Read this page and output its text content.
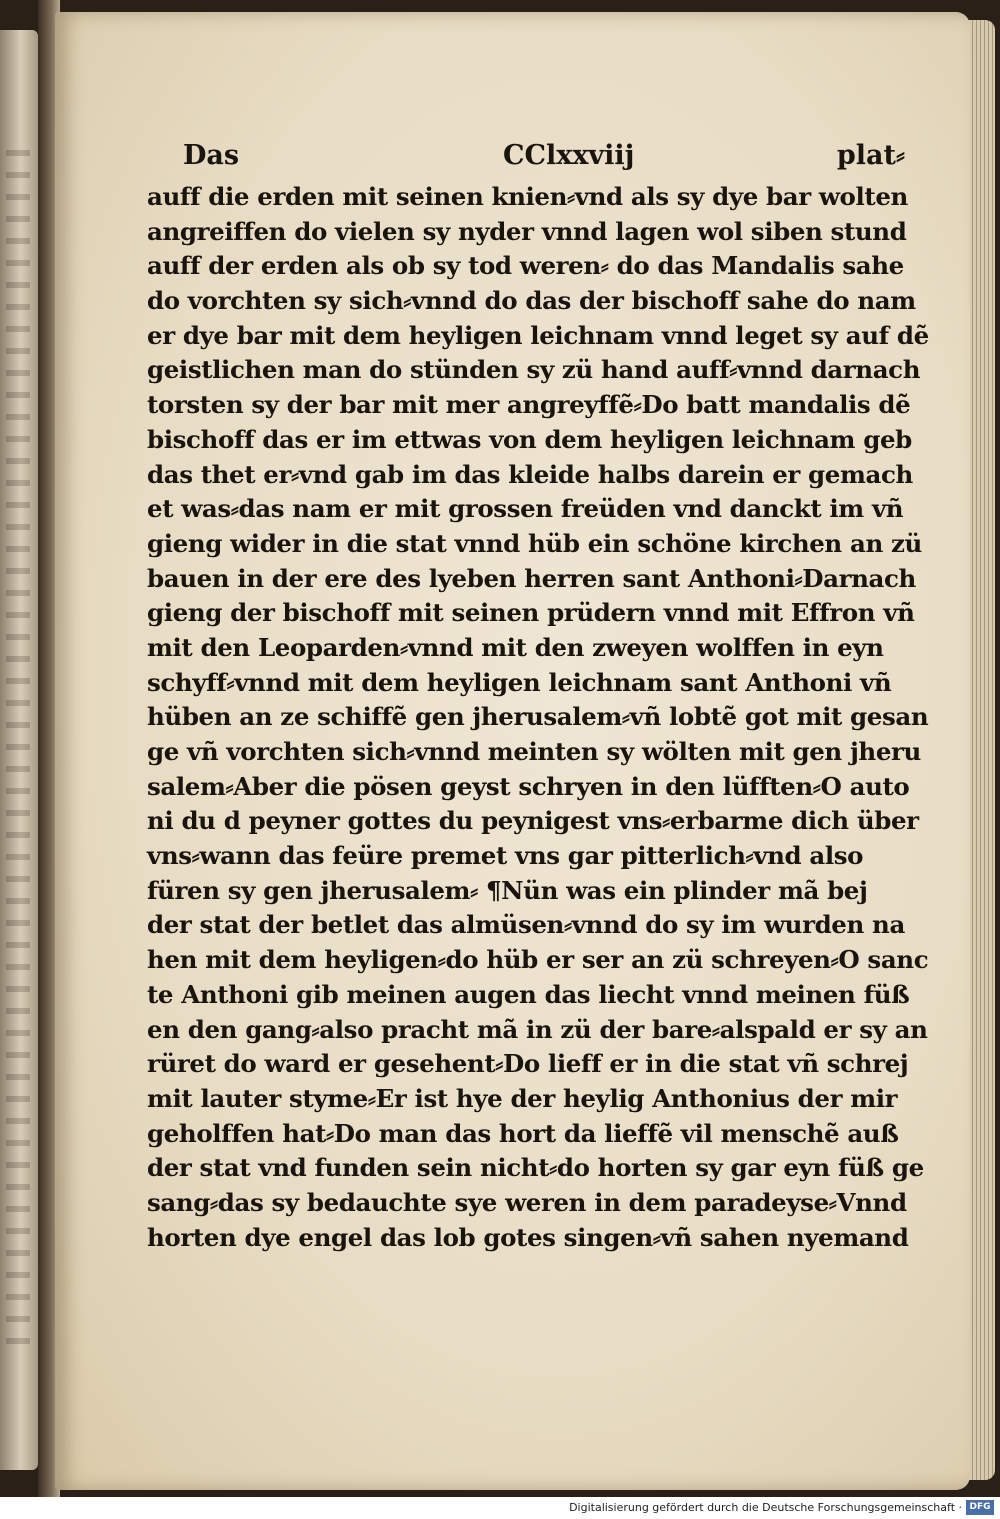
Das	CClxxviij	plat⸗
auff die erden mit seinen knien⸗vnd als sy dye bar wolten
angreiffen do vielen sy nyder vnnd lagen wol siben stund
auff der erden als ob sy tod weren⸗ do das Mandalis sahe
do vorchten sy sich⸗vnnd do das der bischoff sahe do nam
er dye bar mit dem heyligen leichnam vnnd leget sy auf dẽ
geistlichen man do stünden sy zü hand auff⸗vnnd darnach
torsten sy der bar mit mer angreyffẽ⸗Do batt mandalis dẽ
bischoff das er im ettwas von dem heyligen leichnam geb
das thet er⸗vnd gab im das kleide halbs darein er gemach
et was⸗das nam er mit grossen freüden vnd danckt im vñ
gieng wider in die stat vnnd hüb ein schöne kirchen an zü
bauen in der ere des lyeben herren sant Anthoni⸗Darnach
gieng der bischoff mit seinen prüdern vnnd mit Effron vñ
mit den Leoparden⸗vnnd mit den zweyen wolffen in eyn
schyff⸗vnnd mit dem heyligen leichnam sant Anthoni vñ
hüben an ze schiffẽ gen jherusalem⸗vñ lobtẽ got mit gesan
ge vñ vorchten sich⸗vnnd meinten sy wölten mit gen jheru
salem⸗Aber die pösen geyst schryen in den lüfften⸗O auto
ni du d peyner gottes du peynigest vns⸗erbarme dich über
vns⸗wann das feüre premet vns gar pitterlich⸗vnd also
füren sy gen jherusalem⸗ ¶Nün was ein plinder mã bej
der stat der betlet das almüsen⸗vnnd do sy im wurden na
hen mit dem heyligen⸗do hüb er ser an zü schreyen⸗O sanc
te Anthoni gib meinen augen das liecht vnnd meinen füß
en den gang⸗also pracht mã in zü der bare⸗alspald er sy an
rüret do ward er gesehent⸗Do lieff er in die stat vñ schrej
mit lauter styme⸗Er ist hye der heylig Anthonius der mir
geholffen hat⸗Do man das hort da lieffẽ vil menschẽ auß
der stat vnd funden sein nicht⸗do horten sy gar eyn füß ge
sang⸗das sy bedauchte sye weren in dem paradeyse⸗Vnnd
horten dye engel das lob gotes singen⸗vñ sahen nyemand
Digitalisierung gefördert durch die Deutsche Forschungsgemeinschaft · DFG
